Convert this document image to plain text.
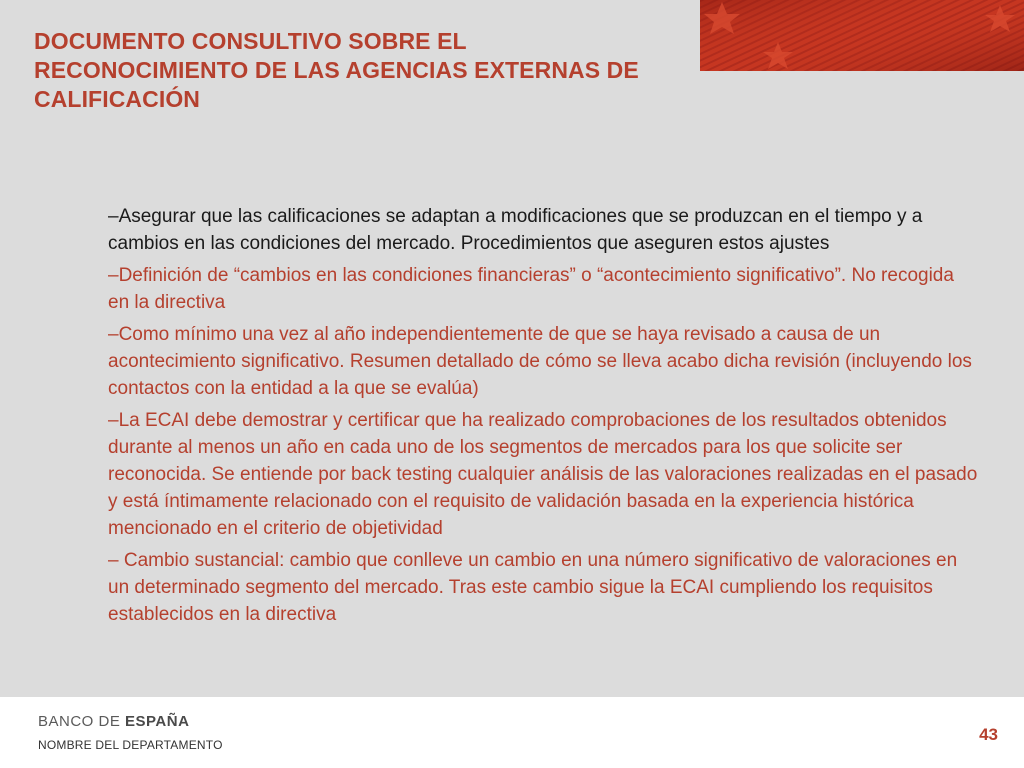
DOCUMENTO CONSULTIVO SOBRE EL RECONOCIMIENTO DE LAS AGENCIAS EXTERNAS DE CALIFICACIÓN

–Asegurar que las calificaciones se adaptan a modificaciones que se produzcan en el tiempo y a cambios en las condiciones del mercado. Procedimientos que aseguren estos ajustes

–Definición de “cambios en las condiciones financieras” o “acontecimiento significativo”. No recogida en la directiva

–Como mínimo una vez al año independientemente de que se haya revisado a causa de un acontecimiento significativo. Resumen detallado de cómo se lleva acabo dicha revisión (incluyendo los contactos con la entidad a la que se evalúa)

–La ECAI debe demostrar y certificar que ha realizado comprobaciones de los resultados obtenidos durante al menos un año en cada uno de los segmentos de mercados para los que solicite ser reconocida. Se entiende por back testing cualquier análisis de las valoraciones realizadas en el pasado y está íntimamente relacionado con el requisito de validación basada en la experiencia histórica mencionado en el criterio de objetividad

– Cambio sustancial: cambio que conlleve un cambio en una número significativo de valoraciones en un determinado segmento del mercado. Tras este cambio sigue la ECAI cumpliendo los requisitos establecidos en la directiva

BANCO DE ESPAÑA
NOMBRE DEL DEPARTAMENTO
43
